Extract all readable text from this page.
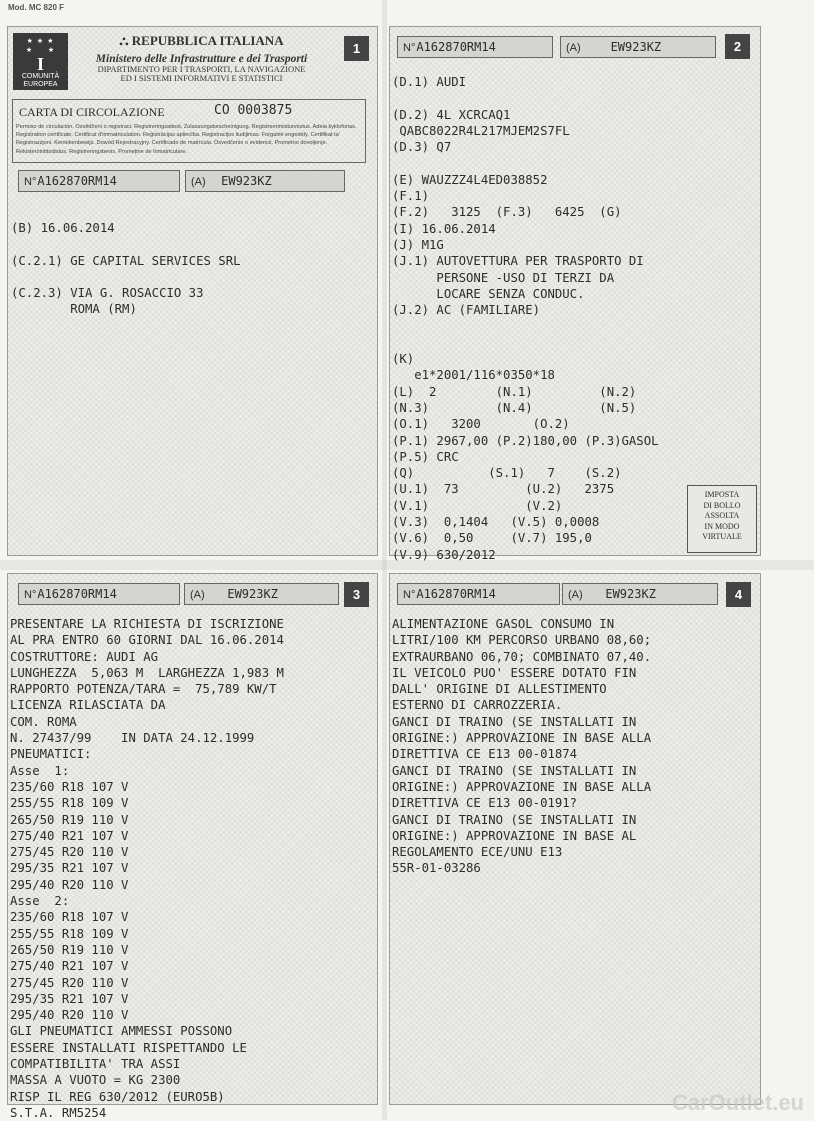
Mod. MC 820 F
1
★ ★ ★
★     ★
I
COMUNITÀ EUROPEA
⛬ REPUBBLICA ITALIANA
Ministero delle Infrastrutture e dei Trasporti
DIPARTIMENTO PER I TRASPORTI, LA NAVIGAZIONE
ED I SISTEMI INFORMATIVI E STATISTICI
CARTA DI CIRCOLAZIONE	CO 0003875
Permiso de circulación. Osvědčení o registraci. Registreringsattest. Zulassungsbescheinigung. Registreerimistunnistus. Adeia kykloforias. Registration certificate. Certificat d'immatriculation. Reģistrācijas apliecība. Registracijos liudijimas. Forgalmi engedély. Certifikat ta' Registrazzjoni. Kentekenbewijs. Dowód Rejestracyjny. Certificado de matrícula. Osvedčenie o evidencii. Prometno dovoljenje. Rekisteröintitodistus. Registreringsbevis. Promeține de înmatriculare.
N°A162870RM14	(A) EW923KZ
(B) 16.06.2014
(C.2.1) GE CAPITAL SERVICES SRL
(C.2.3) VIA G. ROSACCIO 33
ROMA (RM)
2
N°A162870RM14	(A) EW923KZ
(D.1) AUDI
(D.2) 4L XCRCAQ1
QABC8022R4L217MJEM2S7FL
(D.3) Q7
(E) WAUZZZ4L4ED038852
(F.1)
(F.2)   3125  (F.3)   6425  (G)
(I) 16.06.2014
(J) M1G
(J.1) AUTOVETTURA PER TRASPORTO DI
PERSONE -USO DI TERZI DA
LOCARE SENZA CONDUC.
(J.2) AC (FAMILIARE)
(K)
e1*2001/116*0350*18
(L)  2        (N.1)         (N.2)
(N.3)         (N.4)         (N.5)
(O.1)   3200       (O.2)
(P.1) 2967,00 (P.2)180,00 (P.3)GASOL
(P.5) CRC
(Q)          (S.1)   7    (S.2)
(U.1)  73         (U.2)   2375
(V.1)             (V.2)
(V.3)  0,1404   (V.5) 0,0008
(V.6)  0,50     (V.7) 195,0
(V.9) 630/2012
IMPOSTA
DI BOLLO
ASSOLTA
IN MODO
VIRTUALE
3
N°A162870RM14	(A) EW923KZ
PRESENTARE LA RICHIESTA DI ISCRIZIONE
AL PRA ENTRO 60 GIORNI DAL 16.06.2014
COSTRUTTORE: AUDI AG
LUNGHEZZA  5,063 M  LARGHEZZA 1,983 M
RAPPORTO POTENZA/TARA =  75,789 KW/T
LICENZA RILASCIATA DA
COM. ROMA
N. 27437/99    IN DATA 24.12.1999
PNEUMATICI:
Asse  1:
235/60 R18 107 V
255/55 R18 109 V
265/50 R19 110 V
275/40 R21 107 V
275/45 R20 110 V
295/35 R21 107 V
295/40 R20 110 V
Asse  2:
235/60 R18 107 V
255/55 R18 109 V
265/50 R19 110 V
275/40 R21 107 V
275/45 R20 110 V
295/35 R21 107 V
295/40 R20 110 V
GLI PNEUMATICI AMMESSI POSSONO
ESSERE INSTALLATI RISPETTANDO LE
COMPATIBILITA' TRA ASSI
MASSA A VUOTO = KG 2300
RISP IL REG 630/2012 (EURO5B)
S.T.A. RM5254
4
N°A162870RM14	(A) EW923KZ
ALIMENTAZIONE GASOL CONSUMO IN
LITRI/100 KM PERCORSO URBANO 08,60;
EXTRAURBANO 06,70; COMBINATO 07,40.
IL VEICOLO PUO' ESSERE DOTATO FIN
DALL' ORIGINE DI ALLESTIMENTO
ESTERNO DI CARROZZERIA.
GANCI DI TRAINO (SE INSTALLATI IN
ORIGINE:) APPROVAZIONE IN BASE ALLA
DIRETTIVA CE E13 00-01874
GANCI DI TRAINO (SE INSTALLATI IN
ORIGINE:) APPROVAZIONE IN BASE ALLA
DIRETTIVA CE E13 00-0191?
GANCI DI TRAINO (SE INSTALLATI IN
ORIGINE:) APPROVAZIONE IN BASE AL
REGOLAMENTO ECE/UNU E13
55R-01-03286
CarOutlet.eu
